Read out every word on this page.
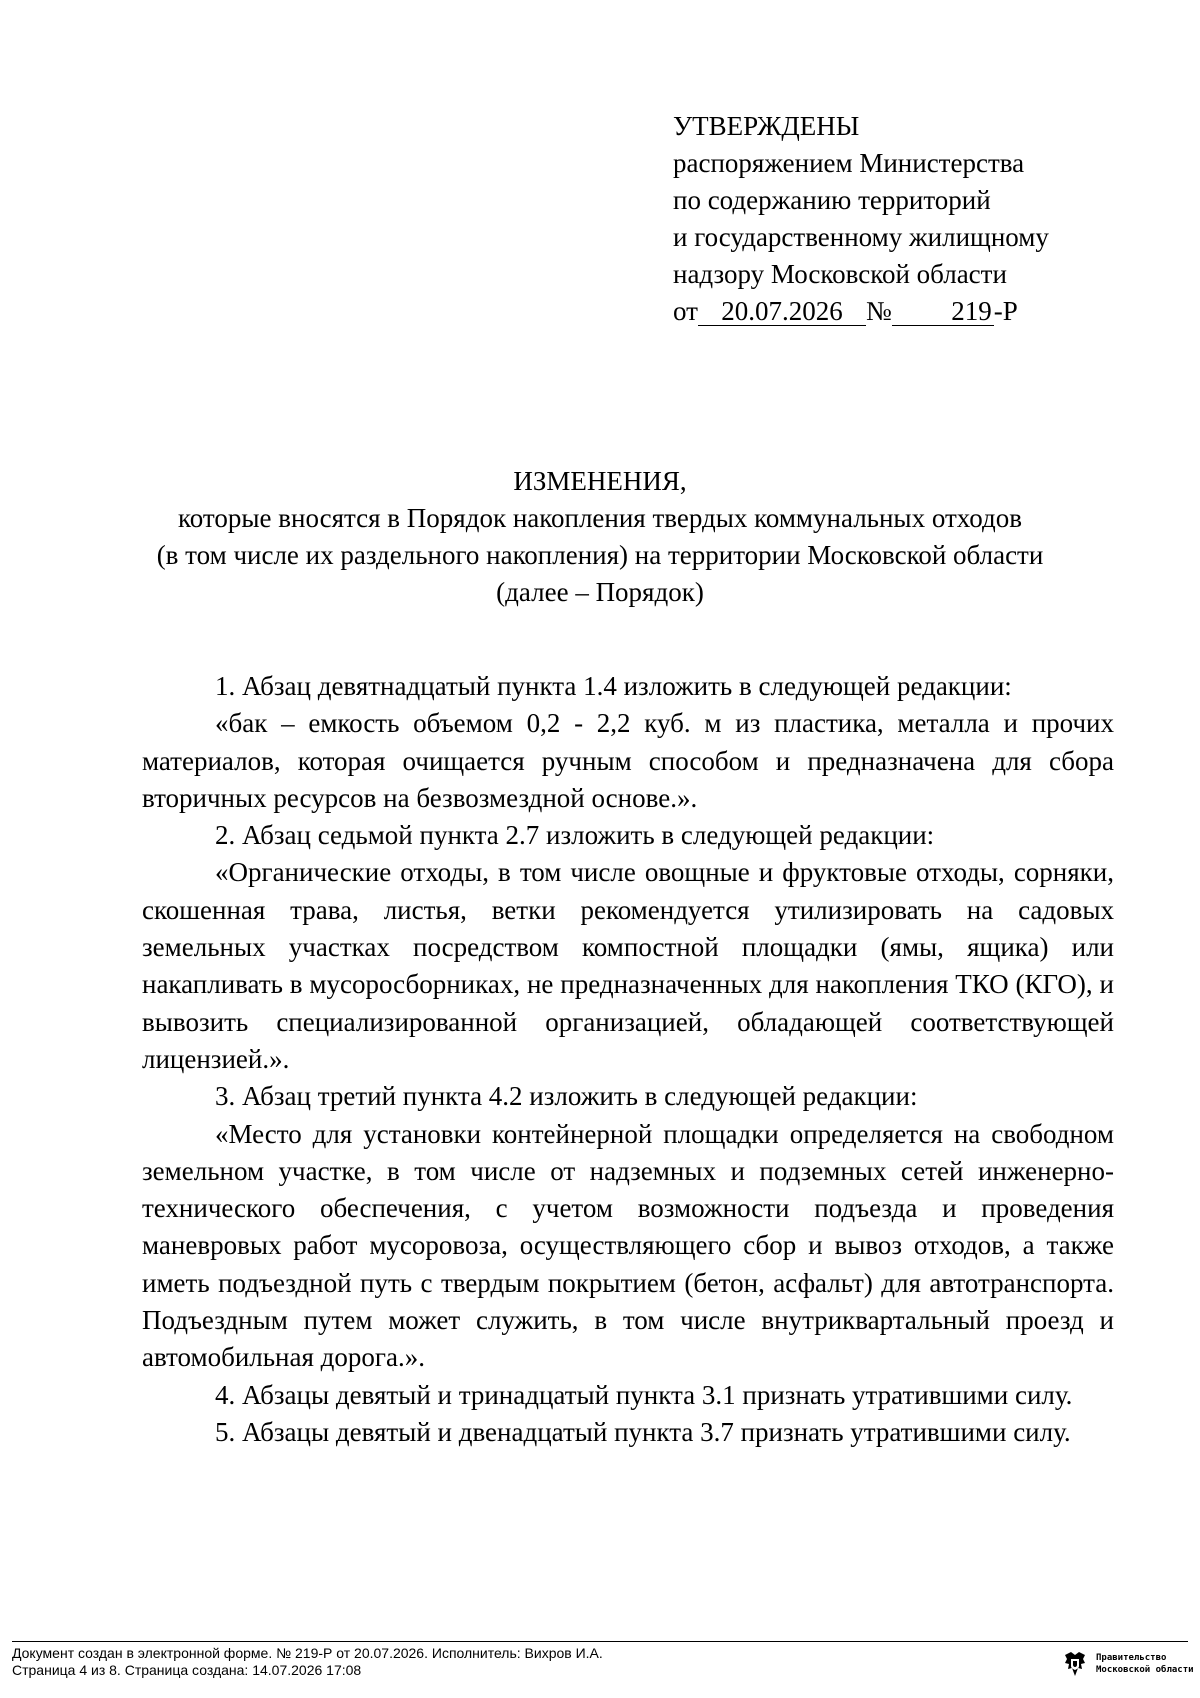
УТВЕРЖДЕНЫ
распоряжением Министерства
по содержанию территорий
и государственному жилищному
надзору Московской области
от 20.07.2026 № 219-Р
ИЗМЕНЕНИЯ,
которые вносятся в Порядок накопления твердых коммунальных отходов
(в том числе их раздельного накопления) на территории Московской области
(далее – Порядок)

1. Абзац девятнадцатый пункта 1.4 изложить в следующей редакции:

«бак – емкость объемом 0,2 - 2,2 куб. м из пластика, металла и прочих материалов, которая очищается ручным способом и предназначена для сбора вторичных ресурсов на безвозмездной основе.».

2. Абзац седьмой пункта 2.7 изложить в следующей редакции:

«Органические отходы, в том числе овощные и фруктовые отходы, сорняки, скошенная трава, листья, ветки рекомендуется утилизировать на садовых земельных участках посредством компостной площадки (ямы, ящика) или накапливать в мусоросборниках, не предназначенных для накопления ТКО (КГО), и вывозить специализированной организацией, обладающей соответствующей лицензией.».

3. Абзац третий пункта 4.2 изложить в следующей редакции:

«Место для установки контейнерной площадки определяется на свободном земельном участке, в том числе от надземных и подземных сетей инженерно-технического обеспечения, с учетом возможности подъезда и проведения маневровых работ мусоровоза, осуществляющего сбор и вывоз отходов, а также иметь подъездной путь с твердым покрытием (бетон, асфальт) для автотранспорта. Подъездным путем может служить, в том числе внутриквартальный проезд и автомобильная дорога.».

4. Абзацы девятый и тринадцатый пункта 3.1 признать утратившими силу.

5. Абзацы девятый и двенадцатый пункта 3.7 признать утратившими силу.

Документ создан в электронной форме. № 219-Р от 20.07.2026. Исполнитель: Вихров И.А.
Страница 4 из 8. Страница создана: 14.07.2026 17:08
Правительство
Московской области
